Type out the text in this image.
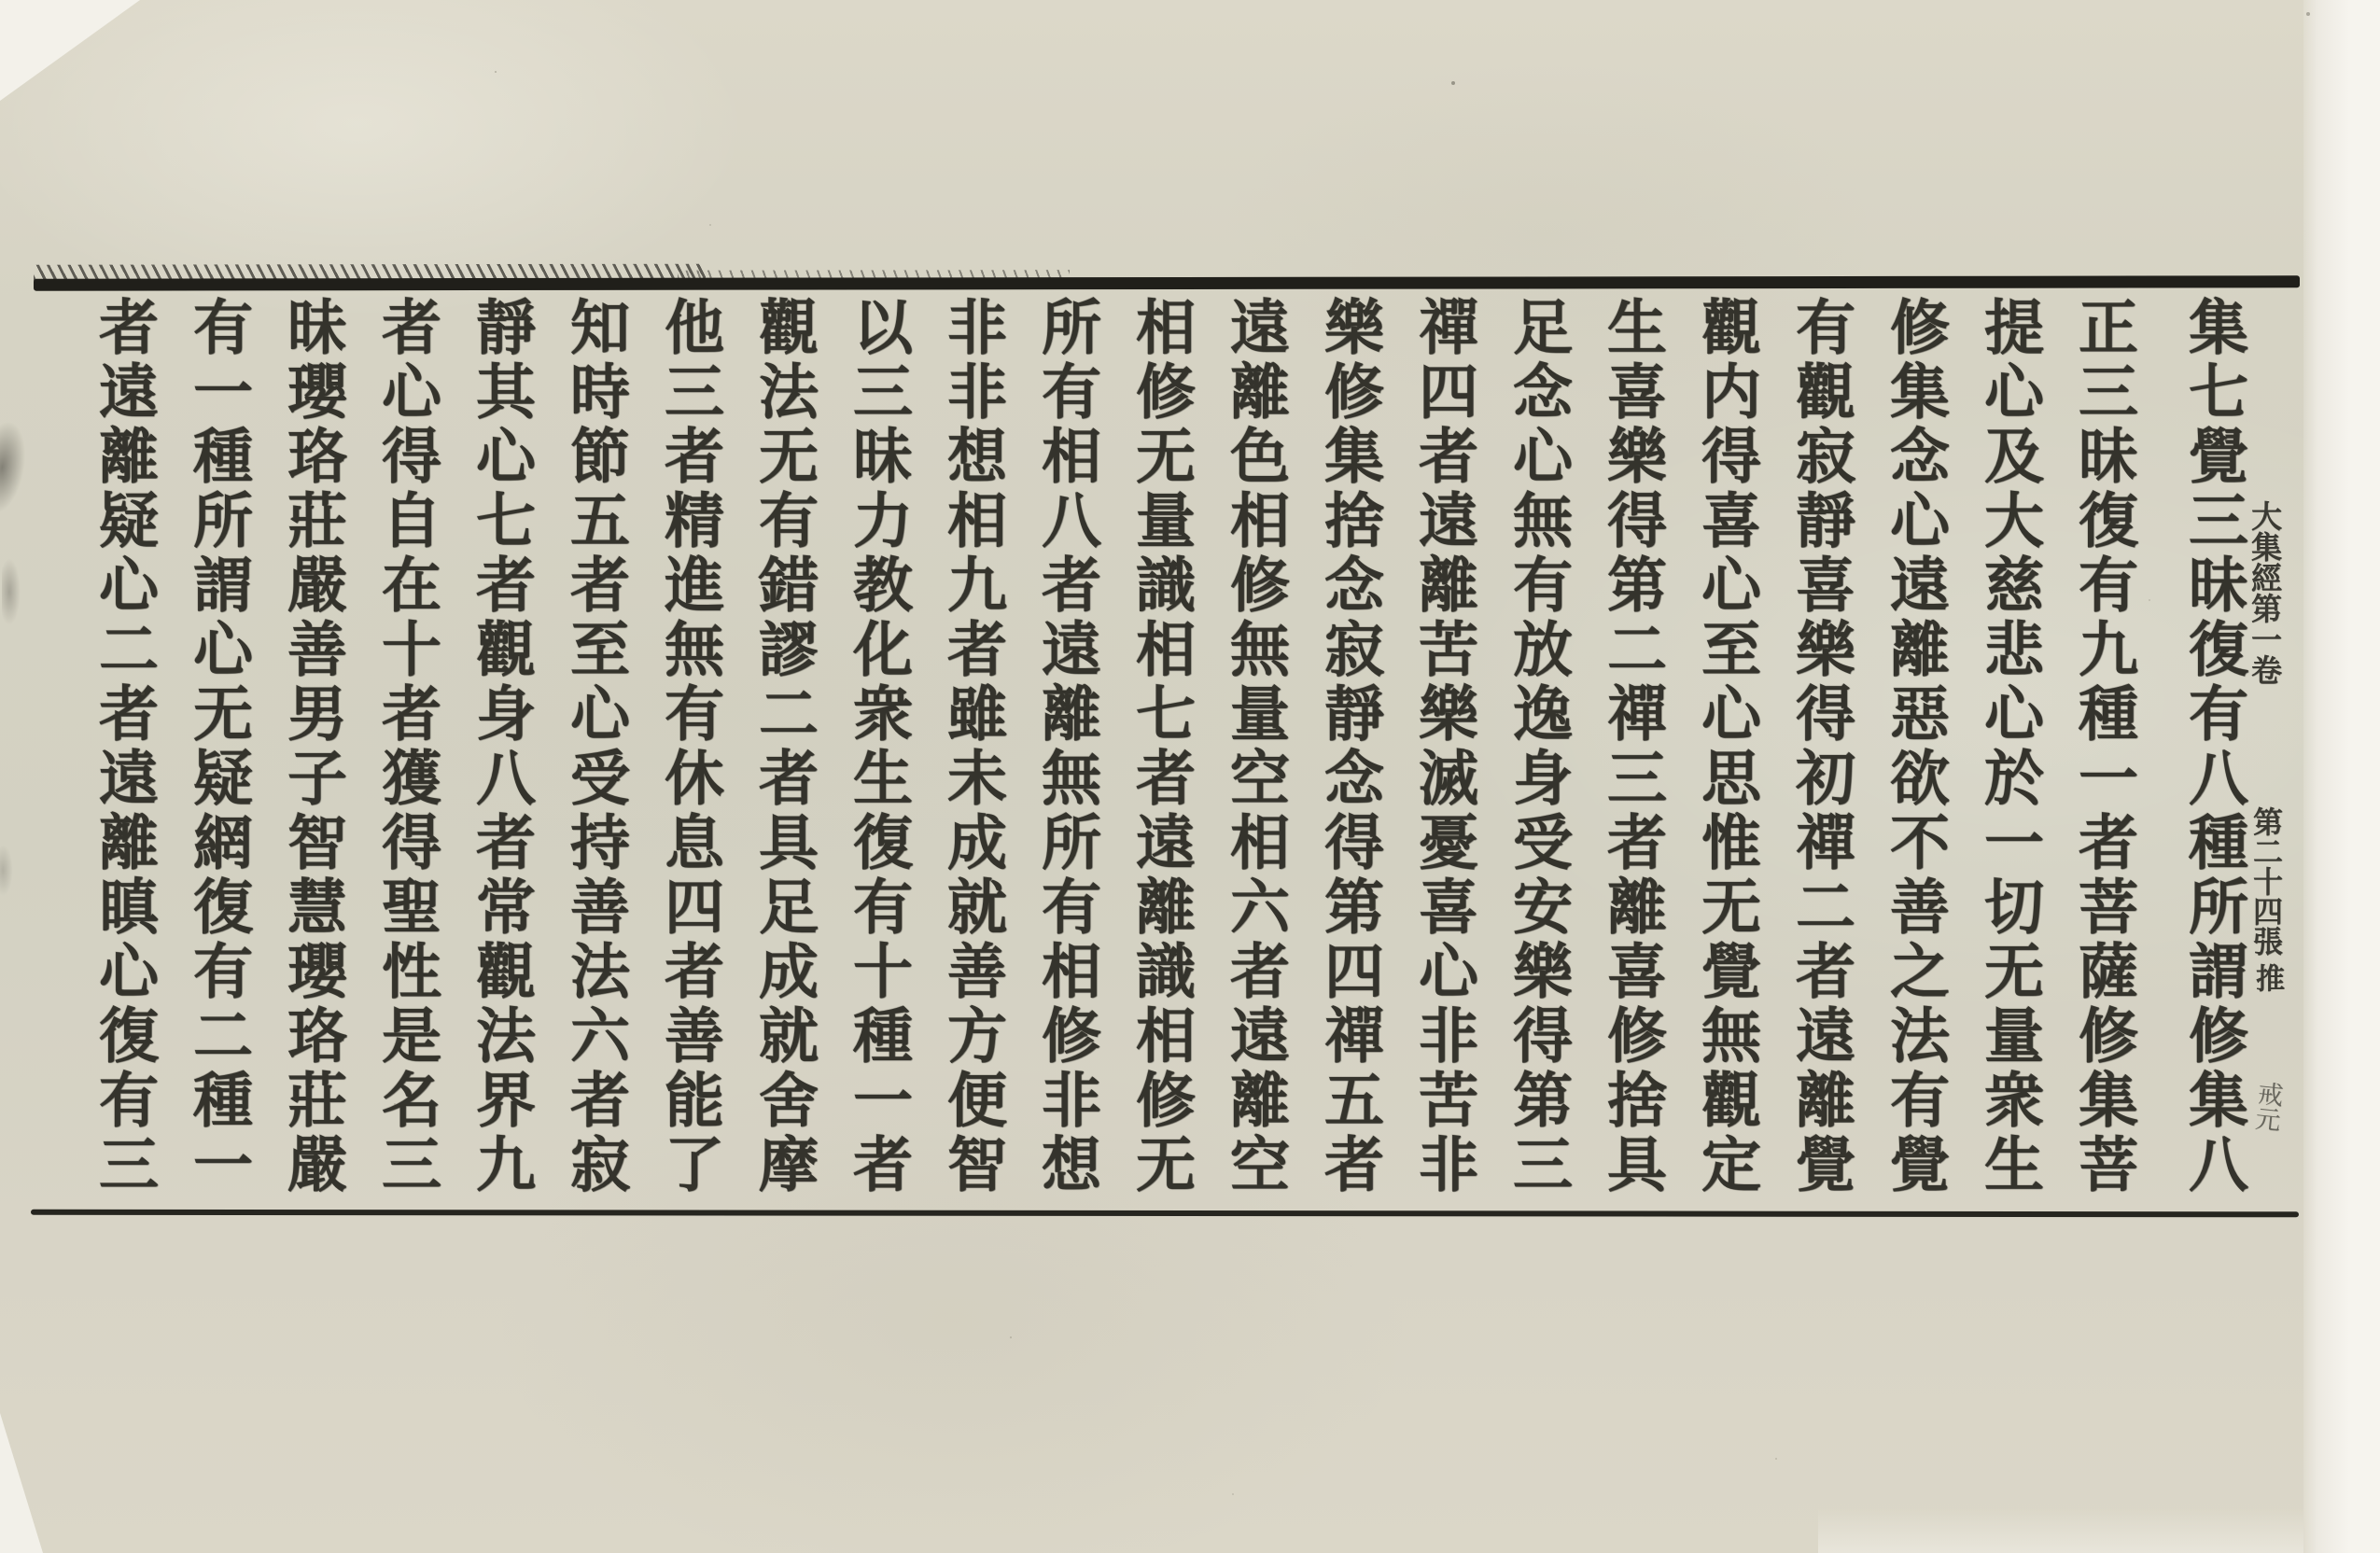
集七覺三昧復有八種所謂修集八
正三昧復有九種一者菩薩修集菩
提心及大慈悲心於一切无量衆生
修集念心遠離惡欲不善之法有覺
有觀寂靜喜樂得初禪二者遠離覺
觀内得喜心至心思惟无覺無觀定
生喜樂得第二禪三者離喜修捨具
足念心無有放逸身受安樂得第三
禪四者遠離苦樂滅憂喜心非苦非
樂修集捨念寂靜念得第四禪五者
遠離色相修無量空相六者遠離空
相修无量識相七者遠離識相修无
所有相八者遠離無所有相修非想
非非想相九者雖未成就善方便智
以三昧力教化衆生復有十種一者
觀法无有錯謬二者具足成就舍摩
他三者精進無有休息四者善能了
知時節五者至心受持善法六者寂
靜其心七者觀身八者常觀法界九
者心得自在十者獲得聖性是名三
昧瓔珞莊嚴善男子智慧瓔珞莊嚴
有一種所謂心无疑網復有二種一
者遠離疑心二者遠離瞋心復有三	大集經第一卷
第二十四張
推
戒元
